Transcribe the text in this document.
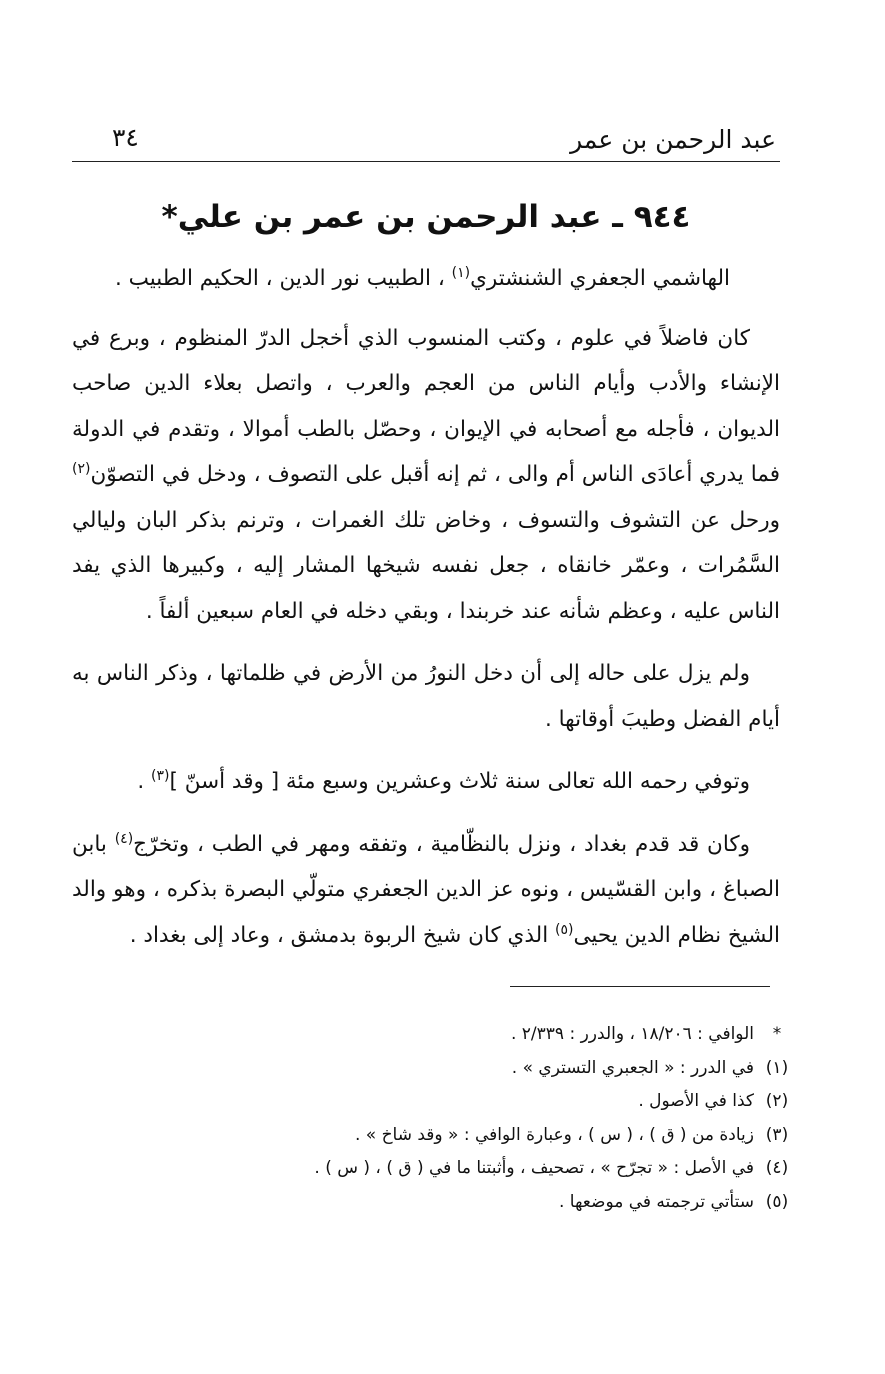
عبد الرحمن بن عمر
٣٤
٩٤٤ ـ عبد الرحمن بن عمر بن علي*

الهاشمي الجعفري الشنشتري$^{(١)}$ ، الطبيب نور الدين ، الحكيم الطبيب .

كان فاضلاً في علوم ، وكتب المنسوب الذي أخجل الدرّ المنظوم ، وبرع في الإنشاء والأدب وأيام الناس من العجم والعرب ، واتصل بعلاء الدين صاحب الديوان ، فأجله مع أصحابه في الإيوان ، وحصّل بالطب أموالا ، وتقدم في الدولة فما يدري أعادَى الناس أم والى ، ثم إنه أقبل على التصوف ، ودخل في التصوّن$^{(٢)}$ ورحل عن التشوف والتسوف ، وخاض تلك الغمرات ، وترنم بذكر البان وليالي السَّمُرات ، وعمّر خانقاه ، جعل نفسه شيخها المشار إليه ، وكبيرها الذي يفد الناس عليه ، وعظم شأنه عند خربندا ، وبقي دخله في العام سبعين ألفاً .

ولم يزل على حاله إلى أن دخل النورُ من الأرض في ظلماتها ، وذكر الناس به أيام الفضل وطيبَ أوقاتها .

وتوفي رحمه الله تعالى سنة ثلاث وعشرين وسبع مئة [ وقد أسنّ ]$^{(٣)}$ .

وكان قد قدم بغداد ، ونزل بالنظّامية ، وتفقه ومهر في الطب ، وتخرّج$^{(٤)}$ بابن الصباغ ، وابن القسّيس ، ونوه عز الدين الجعفري متولّي البصرة بذكره ، وهو والد الشيخ نظام الدين يحيى$^{(٥)}$ الذي كان شيخ الربوة بدمشق ، وعاد إلى بغداد .

*
الوافي : ١٨/٢٠٦ ، والدرر : ٢/٣٣٩ .
(١)
في الدرر : « الجعبري التستري » .
(٢)
كذا في الأصول .
(٣)
زيادة من ( ق ) ، ( س ) ، وعبارة الوافي : « وقد شاخ » .
(٤)
في الأصل : « تجرّح » ، تصحيف ، وأثبتنا ما في ( ق ) ، ( س ) .
(٥)
ستأتي ترجمته في موضعها .
